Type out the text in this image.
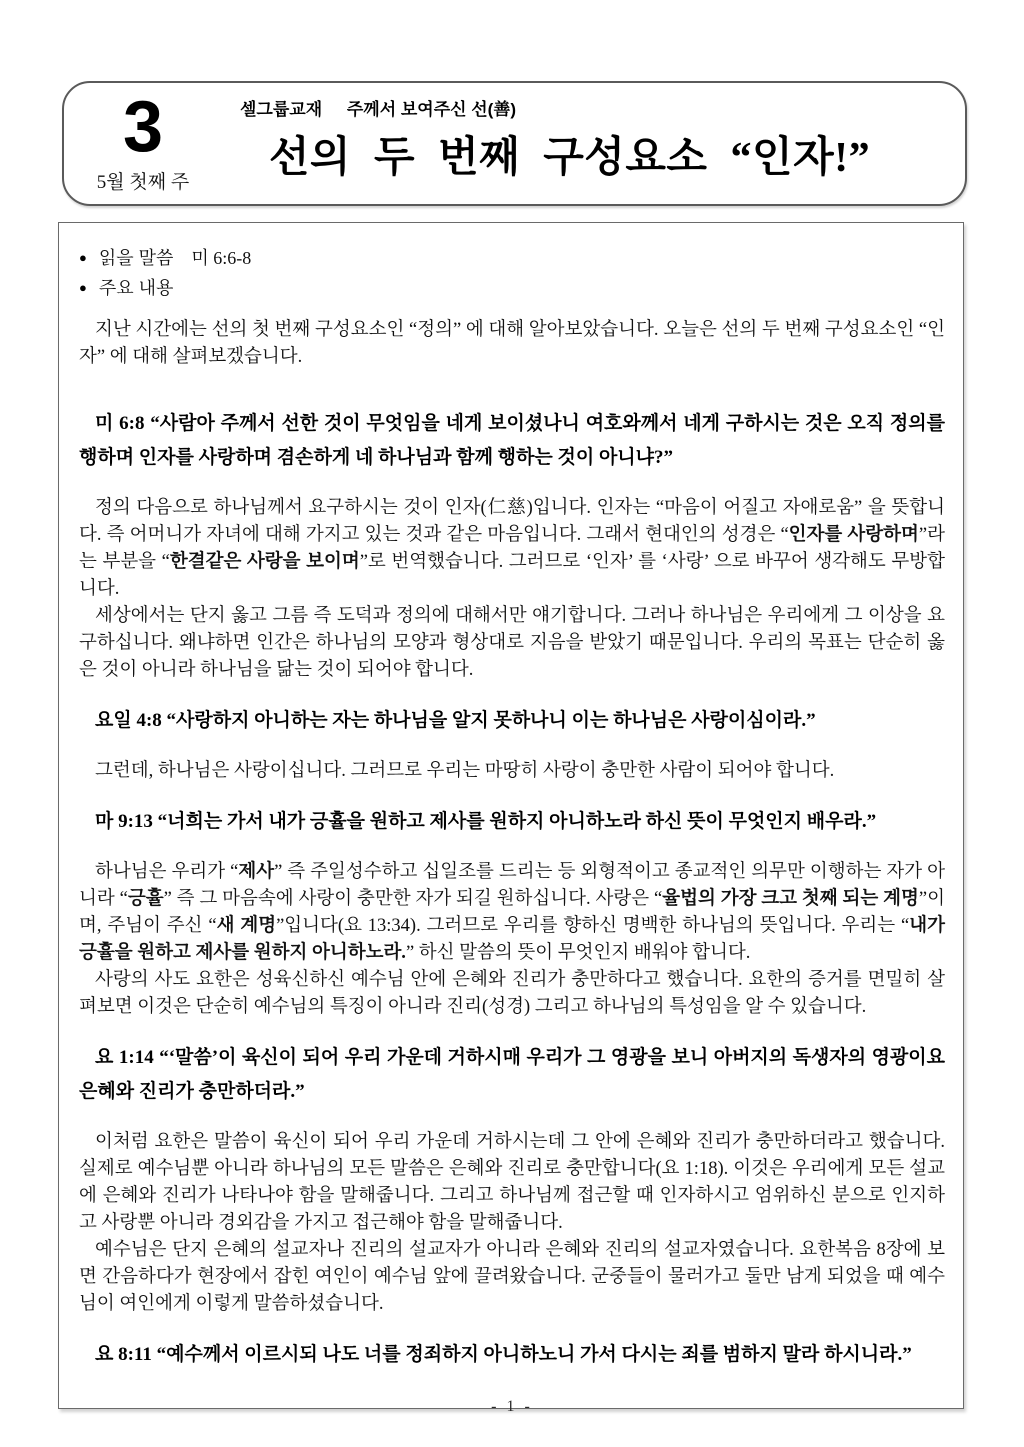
3
5월 첫째 주
셀그룹교재 주께서 보여주신 선(善)
선의 두 번째 구성요소 “인자!”
● 읽을 말씀 미 6:6-8
● 주요 내용
지난 시간에는 선의 첫 번째 구성요소인 “정의” 에 대해 알아보았습니다. 오늘은 선의 두 번째 구성요소인 “인자” 에 대해 살펴보겠습니다.
미 6:8 “사람아 주께서 선한 것이 무엇임을 네게 보이셨나니 여호와께서 네게 구하시는 것은 오직 정의를 행하며 인자를 사랑하며 겸손하게 네 하나님과 함께 행하는 것이 아니냐?”
정의 다음으로 하나님께서 요구하시는 것이 인자(仁慈)입니다. 인자는 “마음이 어질고 자애로움” 을 뜻합니다. 즉 어머니가 자녀에 대해 가지고 있는 것과 같은 마음입니다. 그래서 현대인의 성경은 “인자를 사랑하며”라는 부분을 “한결같은 사랑을 보이며”로 번역했습니다. 그러므로 ‘인자’ 를 ‘사랑’ 으로 바꾸어 생각해도 무방합니다.
세상에서는 단지 옳고 그름 즉 도덕과 정의에 대해서만 얘기합니다. 그러나 하나님은 우리에게 그 이상을 요구하십니다. 왜냐하면 인간은 하나님의 모양과 형상대로 지음을 받았기 때문입니다. 우리의 목표는 단순히 옳은 것이 아니라 하나님을 닮는 것이 되어야 합니다.
요일 4:8 “사랑하지 아니하는 자는 하나님을 알지 못하나니 이는 하나님은 사랑이심이라.”
그런데, 하나님은 사랑이십니다. 그러므로 우리는 마땅히 사랑이 충만한 사람이 되어야 합니다.
마 9:13 “너희는 가서 내가 긍휼을 원하고 제사를 원하지 아니하노라 하신 뜻이 무엇인지 배우라.”
하나님은 우리가 “제사” 즉 주일성수하고 십일조를 드리는 등 외형적이고 종교적인 의무만 이행하는 자가 아니라 “긍휼” 즉 그 마음속에 사랑이 충만한 자가 되길 원하십니다. 사랑은 “율법의 가장 크고 첫째 되는 계명”이며, 주님이 주신 “새 계명”입니다(요 13:34). 그러므로 우리를 향하신 명백한 하나님의 뜻입니다. 우리는 “내가 긍휼을 원하고 제사를 원하지 아니하노라.” 하신 말씀의 뜻이 무엇인지 배워야 합니다.
사랑의 사도 요한은 성육신하신 예수님 안에 은혜와 진리가 충만하다고 했습니다. 요한의 증거를 면밀히 살펴보면 이것은 단순히 예수님의 특징이 아니라 진리(성경) 그리고 하나님의 특성임을 알 수 있습니다.
요 1:14 “‘말씀’이 육신이 되어 우리 가운데 거하시매 우리가 그 영광을 보니 아버지의 독생자의 영광이요 은혜와 진리가 충만하더라.”
이처럼 요한은 말씀이 육신이 되어 우리 가운데 거하시는데 그 안에 은혜와 진리가 충만하더라고 했습니다. 실제로 예수님뿐 아니라 하나님의 모든 말씀은 은혜와 진리로 충만합니다(요 1:18). 이것은 우리에게 모든 설교에 은혜와 진리가 나타나야 함을 말해줍니다. 그리고 하나님께 접근할 때 인자하시고 엄위하신 분으로 인지하고 사랑뿐 아니라 경외감을 가지고 접근해야 함을 말해줍니다.
예수님은 단지 은혜의 설교자나 진리의 설교자가 아니라 은혜와 진리의 설교자였습니다. 요한복음 8장에 보면 간음하다가 현장에서 잡힌 여인이 예수님 앞에 끌려왔습니다. 군중들이 물러가고 둘만 남게 되었을 때 예수님이 여인에게 이렇게 말씀하셨습니다.
요 8:11 “예수께서 이르시되 나도 너를 정죄하지 아니하노니 가서 다시는 죄를 범하지 말라 하시니라.”
- 1 -
